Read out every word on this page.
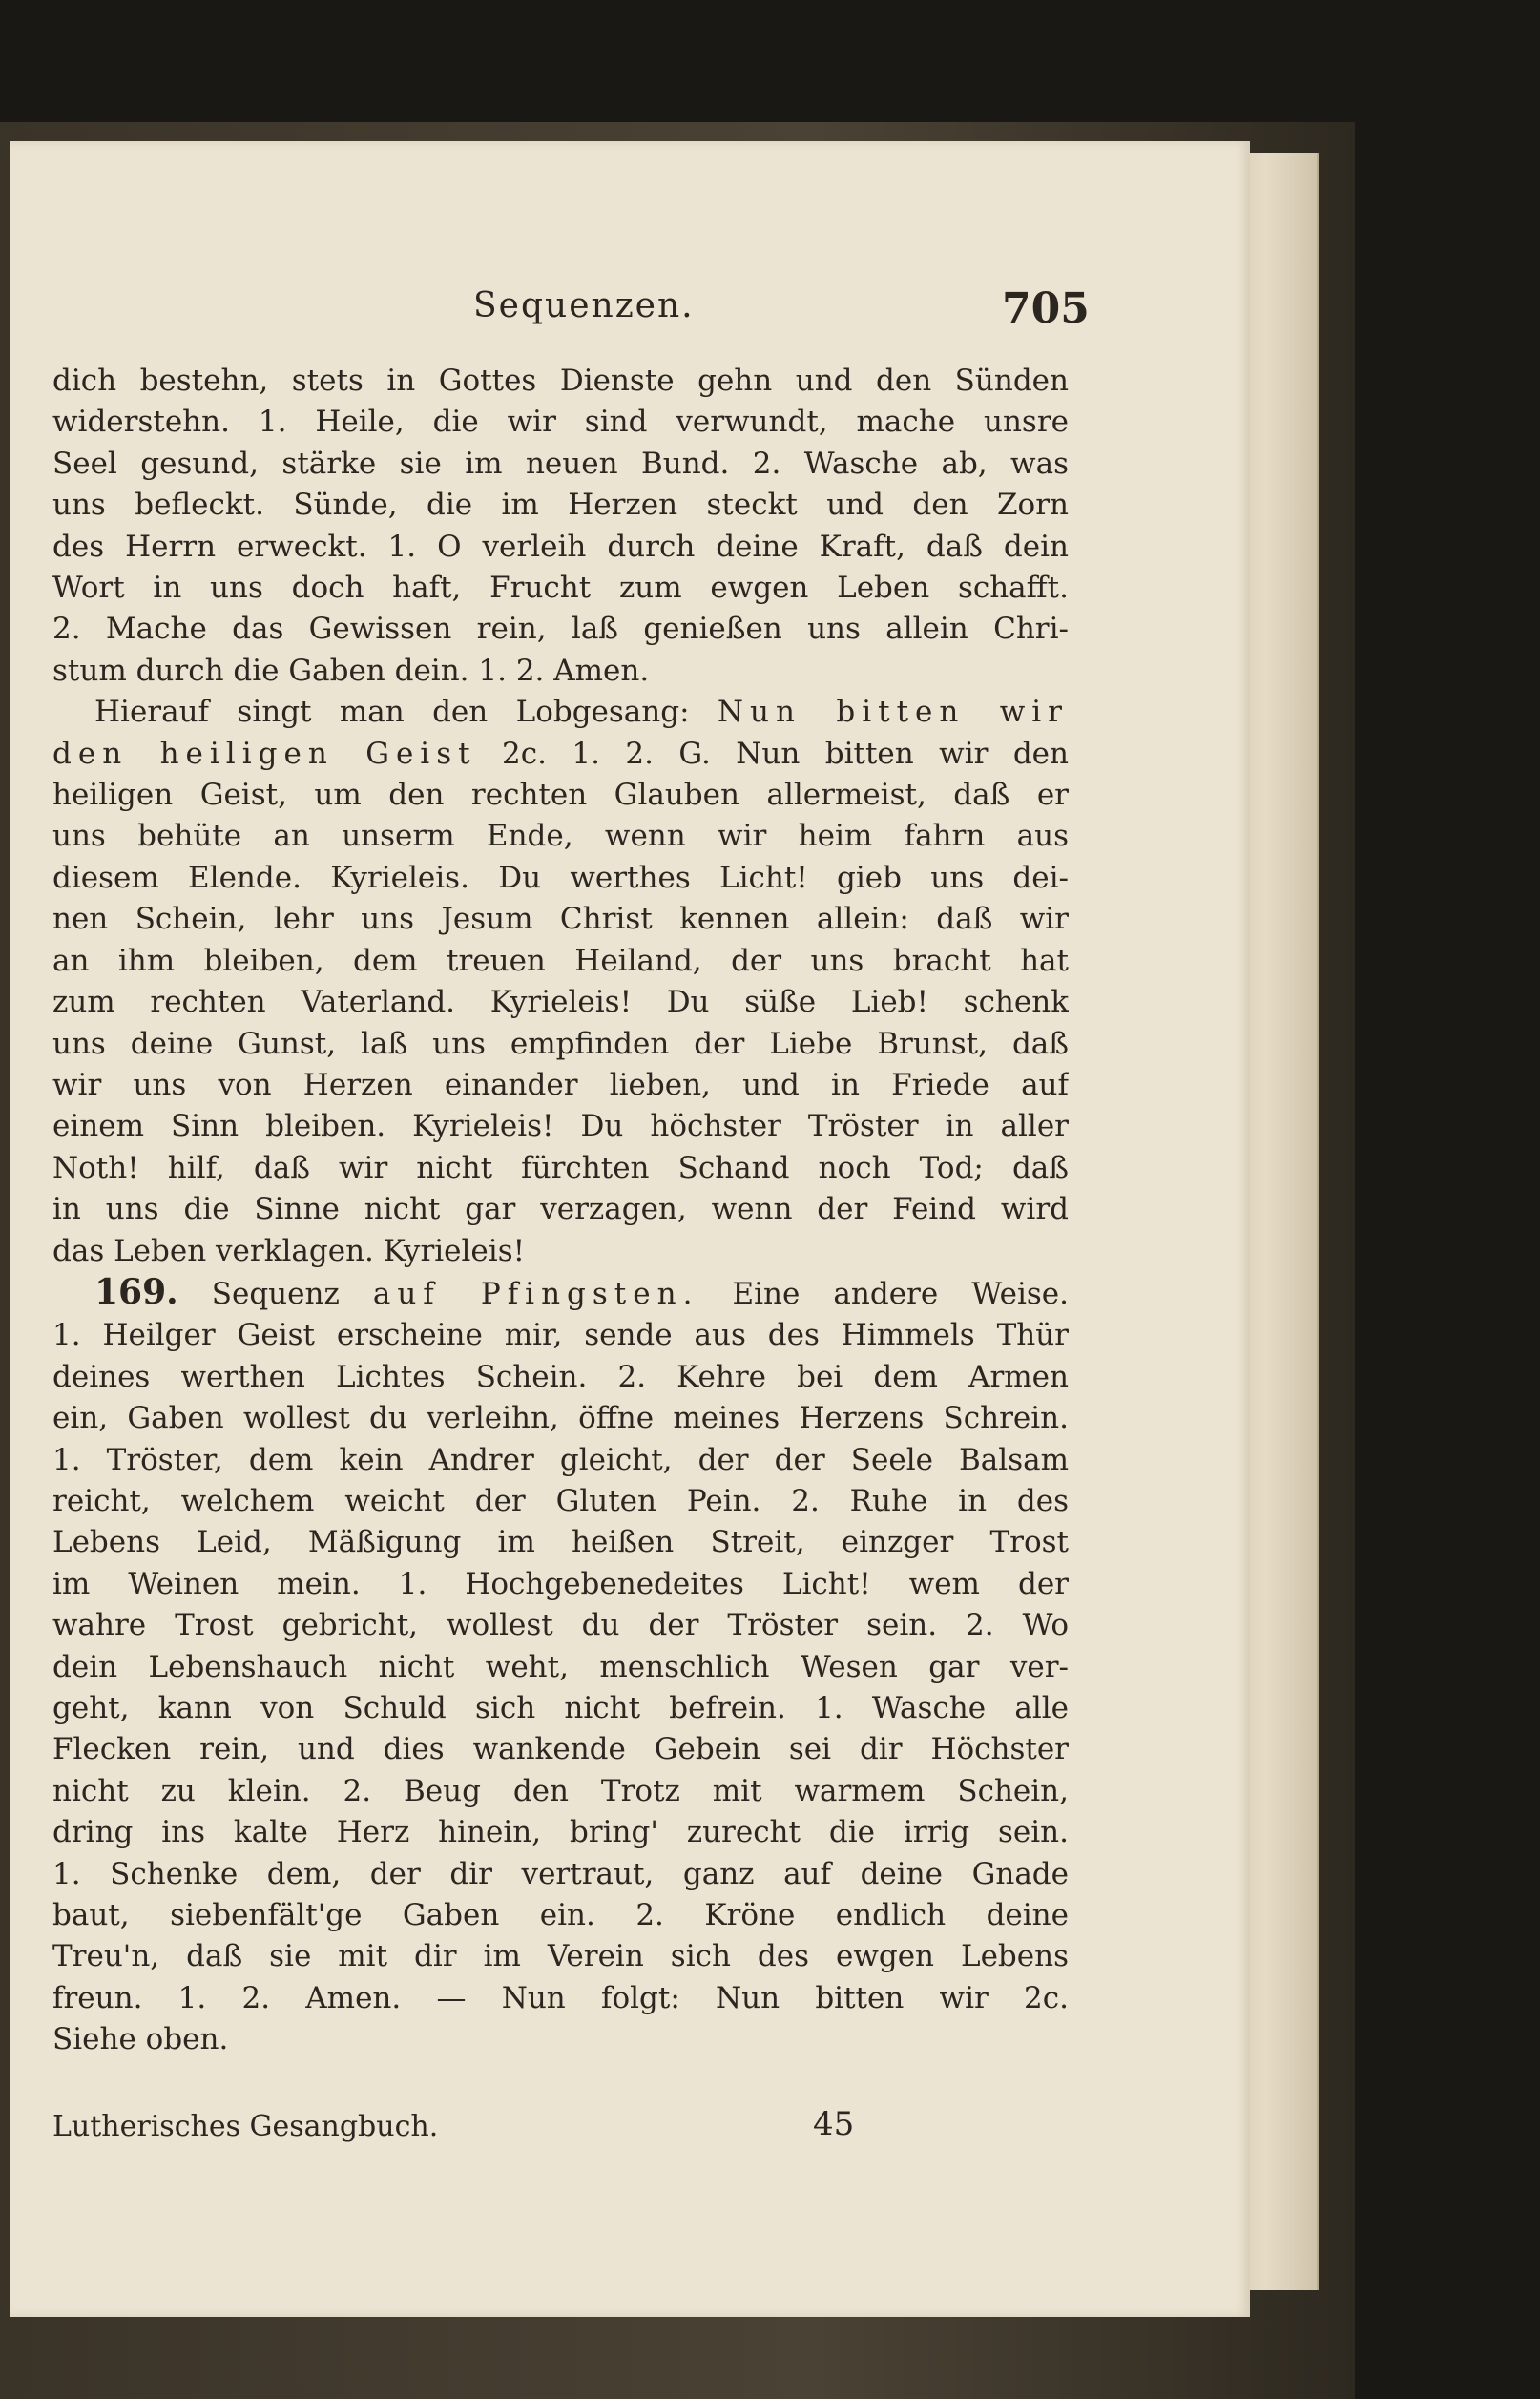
Sequenzen.	705
dich bestehn, stets in Gottes Dienste gehn und den Sünden
widerstehn. 1. Heile, die wir sind verwundt, mache unsre
Seel gesund, stärke sie im neuen Bund. 2. Wasche ab, was
uns befleckt. Sünde, die im Herzen steckt und den Zorn
des Herrn erweckt. 1. O verleih durch deine Kraft, daß dein
Wort in uns doch haft, Frucht zum ewgen Leben schafft.
2. Mache das Gewissen rein, laß genießen uns allein Chri-
stum durch die Gaben dein. 1. 2. Amen.
Hierauf singt man den Lobgesang: Nun bitten wir
den heiligen Geist 2c. 1. 2. G. Nun bitten wir den
heiligen Geist, um den rechten Glauben allermeist, daß er
uns behüte an unserm Ende, wenn wir heim fahrn aus
diesem Elende. Kyrieleis. Du werthes Licht! gieb uns dei-
nen Schein, lehr uns Jesum Christ kennen allein: daß wir
an ihm bleiben, dem treuen Heiland, der uns bracht hat
zum rechten Vaterland. Kyrieleis! Du süße Lieb! schenk
uns deine Gunst, laß uns empfinden der Liebe Brunst, daß
wir uns von Herzen einander lieben, und in Friede auf
einem Sinn bleiben. Kyrieleis! Du höchster Tröster in aller
Noth! hilf, daß wir nicht fürchten Schand noch Tod; daß
in uns die Sinne nicht gar verzagen, wenn der Feind wird
das Leben verklagen. Kyrieleis!
169. Sequenz auf Pfingsten. Eine andere Weise.
1. Heilger Geist erscheine mir, sende aus des Himmels Thür
deines werthen Lichtes Schein. 2. Kehre bei dem Armen
ein, Gaben wollest du verleihn, öffne meines Herzens Schrein.
1. Tröster, dem kein Andrer gleicht, der der Seele Balsam
reicht, welchem weicht der Gluten Pein. 2. Ruhe in des
Lebens Leid, Mäßigung im heißen Streit, einzger Trost
im Weinen mein. 1. Hochgebenedeites Licht! wem der
wahre Trost gebricht, wollest du der Tröster sein. 2. Wo
dein Lebenshauch nicht weht, menschlich Wesen gar ver-
geht, kann von Schuld sich nicht befrein. 1. Wasche alle
Flecken rein, und dies wankende Gebein sei dir Höchster
nicht zu klein. 2. Beug den Trotz mit warmem Schein,
dring ins kalte Herz hinein, bring' zurecht die irrig sein.
1. Schenke dem, der dir vertraut, ganz auf deine Gnade
baut, siebenfält'ge Gaben ein. 2. Kröne endlich deine
Treu'n, daß sie mit dir im Verein sich des ewgen Lebens
freun. 1. 2. Amen. — Nun folgt: Nun bitten wir 2c.
Siehe oben.
Lutherisches Gesangbuch.	45
